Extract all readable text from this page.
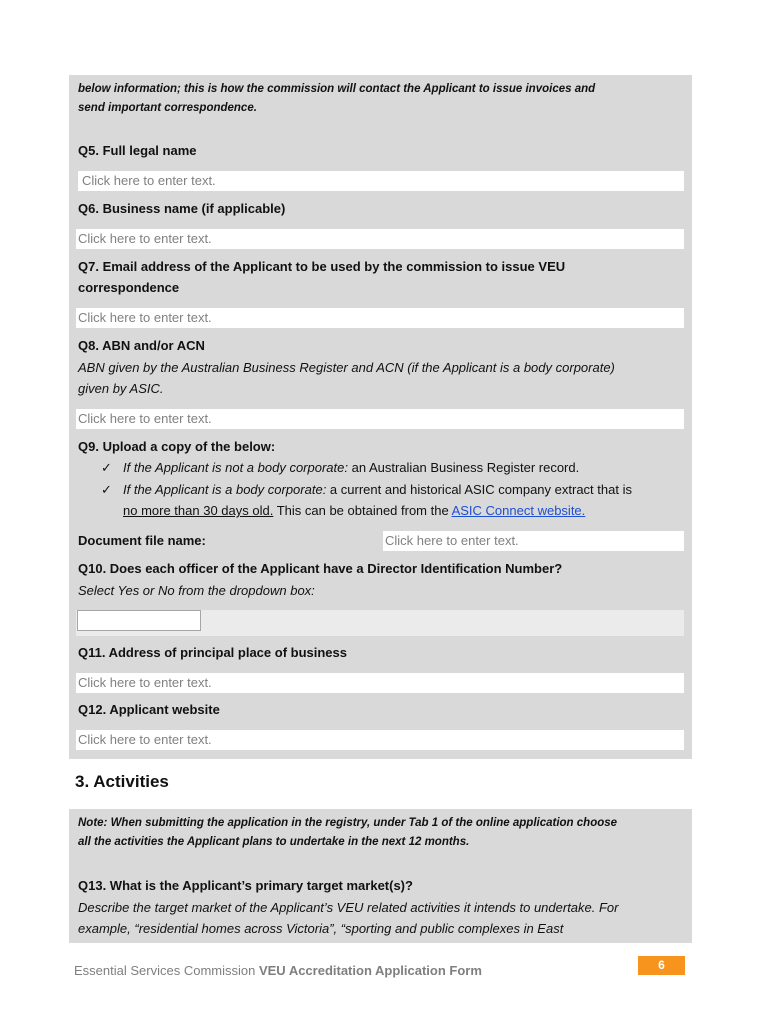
below information; this is how the commission will contact the Applicant to issue invoices and
send important correspondence.
Q5. Full legal name
Click here to enter text.
Q6. Business name (if applicable)
Click here to enter text.
Q7. Email address of the Applicant to be used by the commission to issue VEU
correspondence
Click here to enter text.
Q8. ABN and/or ACN
ABN given by the Australian Business Register and ACN (if the Applicant is a body corporate)
given by ASIC.
Click here to enter text.
Q9. Upload a copy of the below:
✓ If the Applicant is not a body corporate: an Australian Business Register record.
✓ If the Applicant is a body corporate: a current and historical ASIC company extract that is
no more than 30 days old. This can be obtained from the ASIC Connect website.
Document file name:	Click here to enter text.
Q10. Does each officer of the Applicant have a Director Identification Number?
Select Yes or No from the dropdown box:
Q11. Address of principal place of business
Click here to enter text.
Q12. Applicant website
Click here to enter text.
3. Activities
Note: When submitting the application in the registry, under Tab 1 of the online application choose
all the activities the Applicant plans to undertake in the next 12 months.
Q13. What is the Applicant’s primary target market(s)?
Describe the target market of the Applicant’s VEU related activities it intends to undertake. For
example, “residential homes across Victoria”, “sporting and public complexes in East
Essential Services Commission VEU Accreditation Application Form	6
